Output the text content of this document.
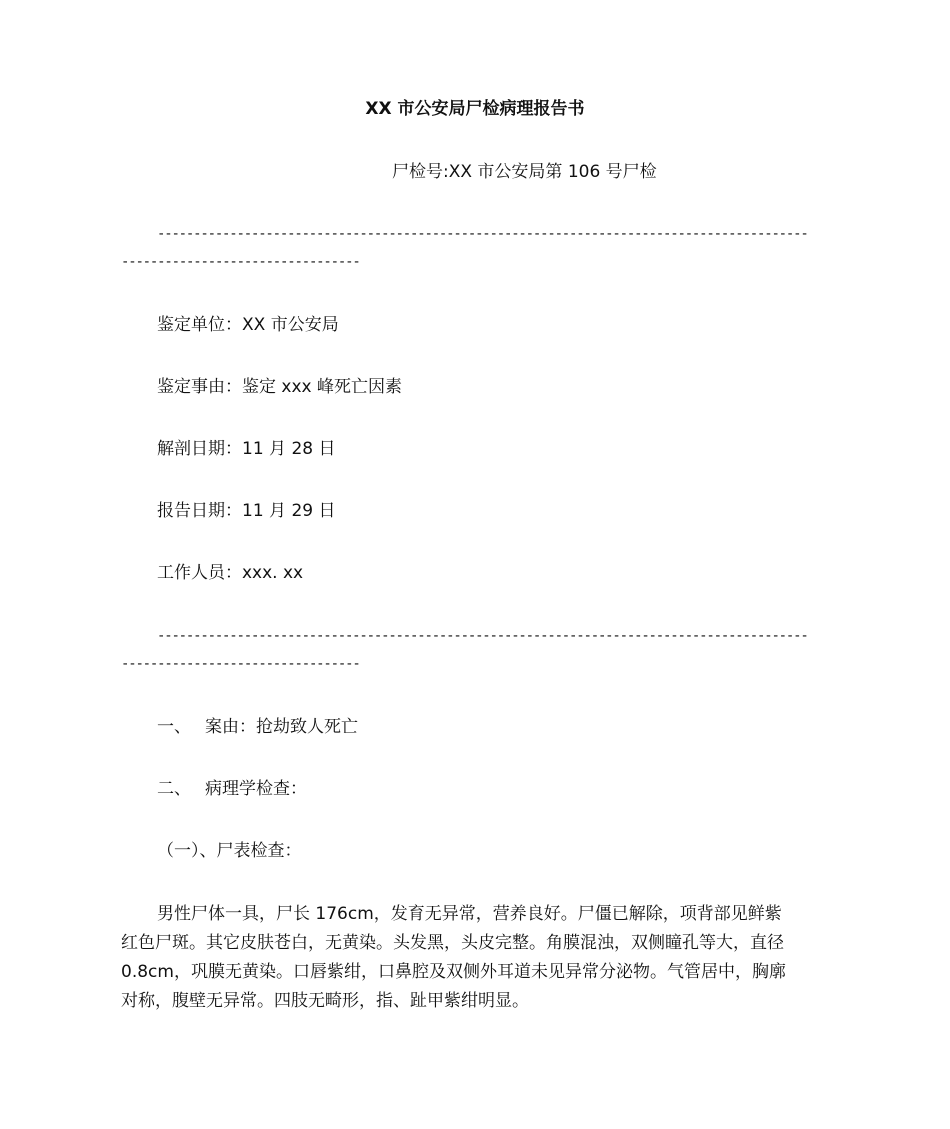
XX 市公安局尸检病理报告书
尸检号:XX 市公安局第 106 号尸检
------------------------------------------------------------------------------------------
---------------------------------
鉴定单位：XX 市公安局
鉴定事由：鉴定 xxx 峰死亡因素
解剖日期：11 月 28 日
报告日期：11 月 29 日
工作人员：xxx. xx
------------------------------------------------------------------------------------------
---------------------------------
一、 案由：抢劫致人死亡
二、 病理学检查：
（一）、尸表检查：
男性尸体一具，尸长 176cm，发育无异常，营养良好。尸僵已解除，项背部见鲜紫
红色尸斑。其它皮肤苍白，无黄染。头发黑，头皮完整。角膜混浊，双侧瞳孔等大，直径
0.8cm，巩膜无黄染。口唇紫绀，口鼻腔及双侧外耳道未见异常分泌物。气管居中，胸廓
对称，腹壁无异常。四肢无畸形，指、趾甲紫绀明显。
